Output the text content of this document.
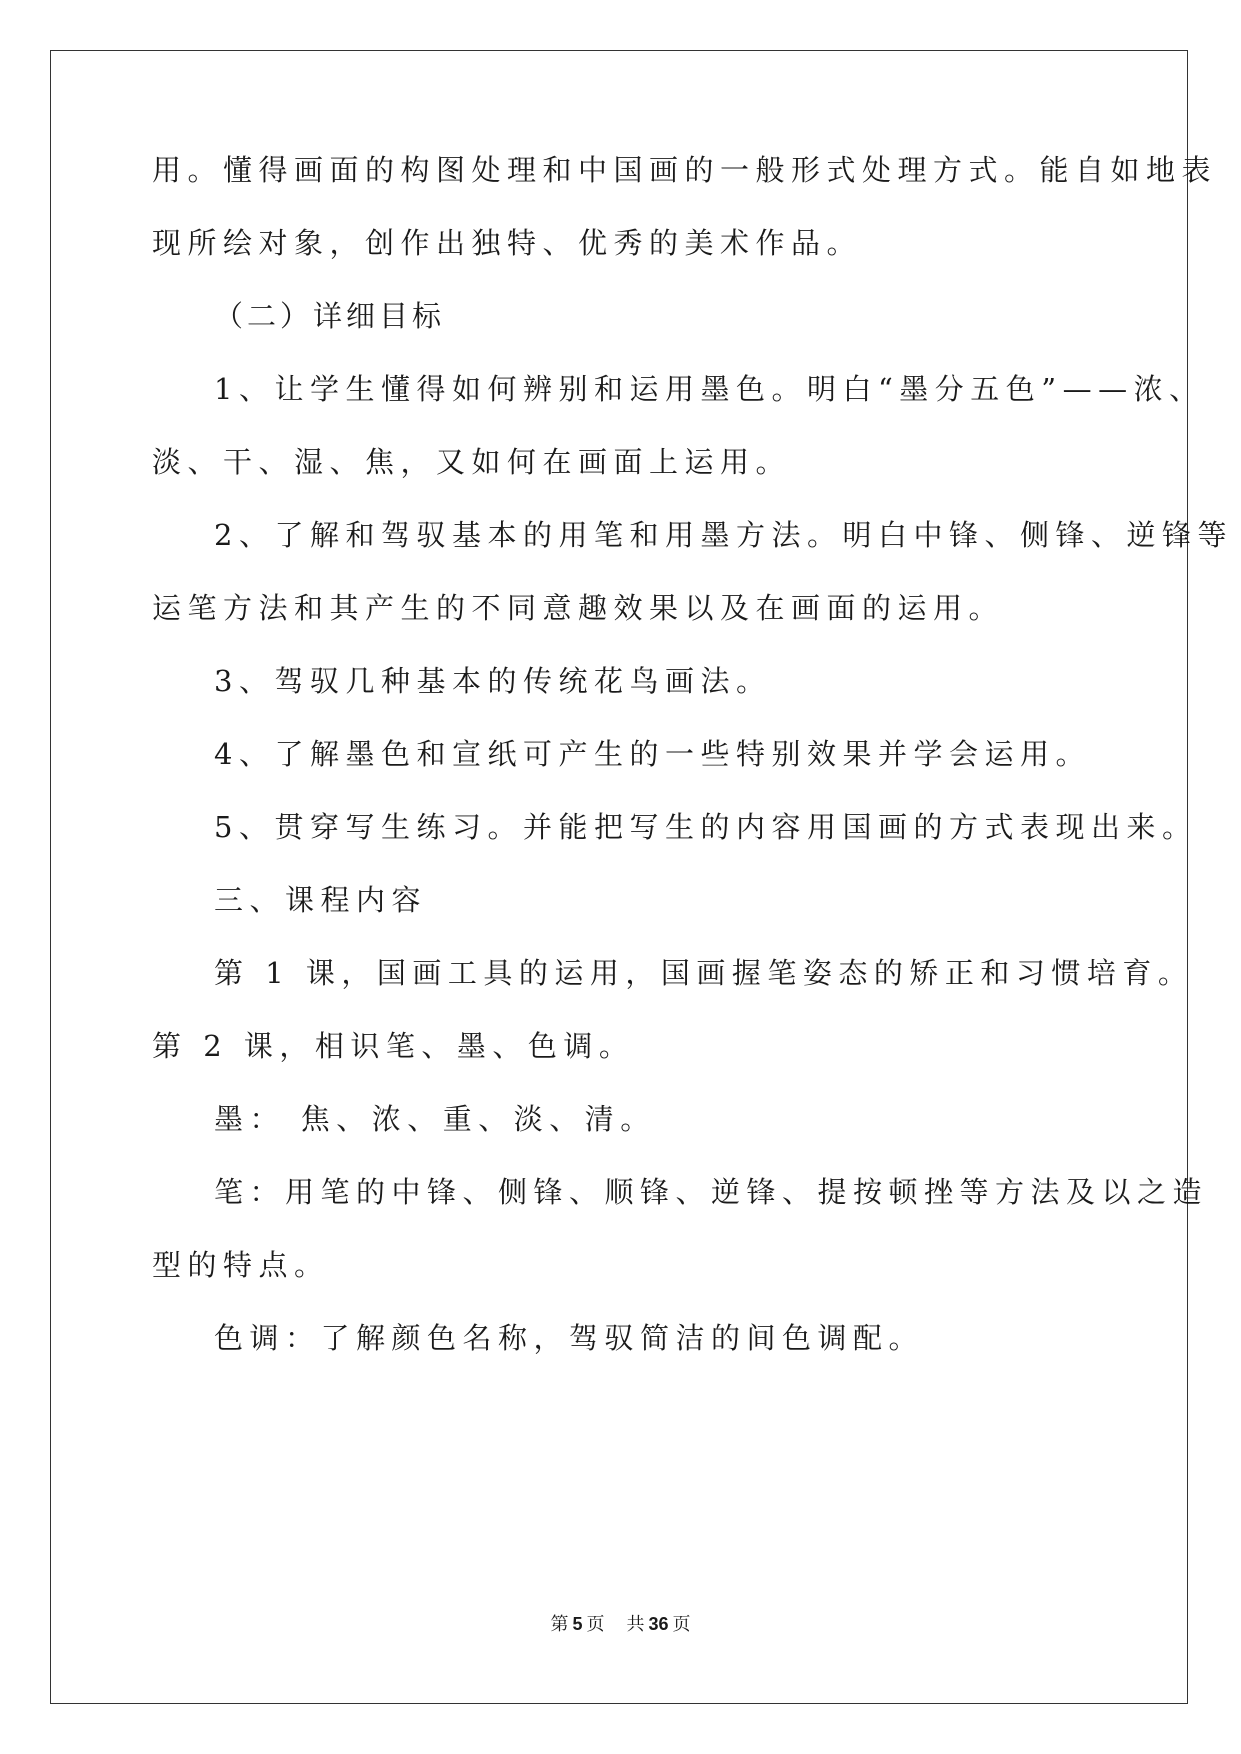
用。懂得画面的构图处理和中国画的一般形式处理方式。能自如地表
现所绘对象，创作出独特、优秀的美术作品。
（二）详细目标
1、让学生懂得如何辨别和运用墨色。明白“墨分五色”——浓、
淡、干、湿、焦，又如何在画面上运用。
2、了解和驾驭基本的用笔和用墨方法。明白中锋、侧锋、逆锋等
运笔方法和其产生的不同意趣效果以及在画面的运用。
3、驾驭几种基本的传统花鸟画法。
4、了解墨色和宣纸可产生的一些特别效果并学会运用。
5、贯穿写生练习。并能把写生的内容用国画的方式表现出来。
三、课程内容
第 1 课，国画工具的运用，国画握笔姿态的矫正和习惯培育。
第 2 课，相识笔、墨、色调。
墨： 焦、浓、重、淡、清。
笔：用笔的中锋、侧锋、顺锋、逆锋、提按顿挫等方法及以之造
型的特点。
色调：了解颜色名称，驾驭简洁的间色调配。
第 5 页 共 36 页
